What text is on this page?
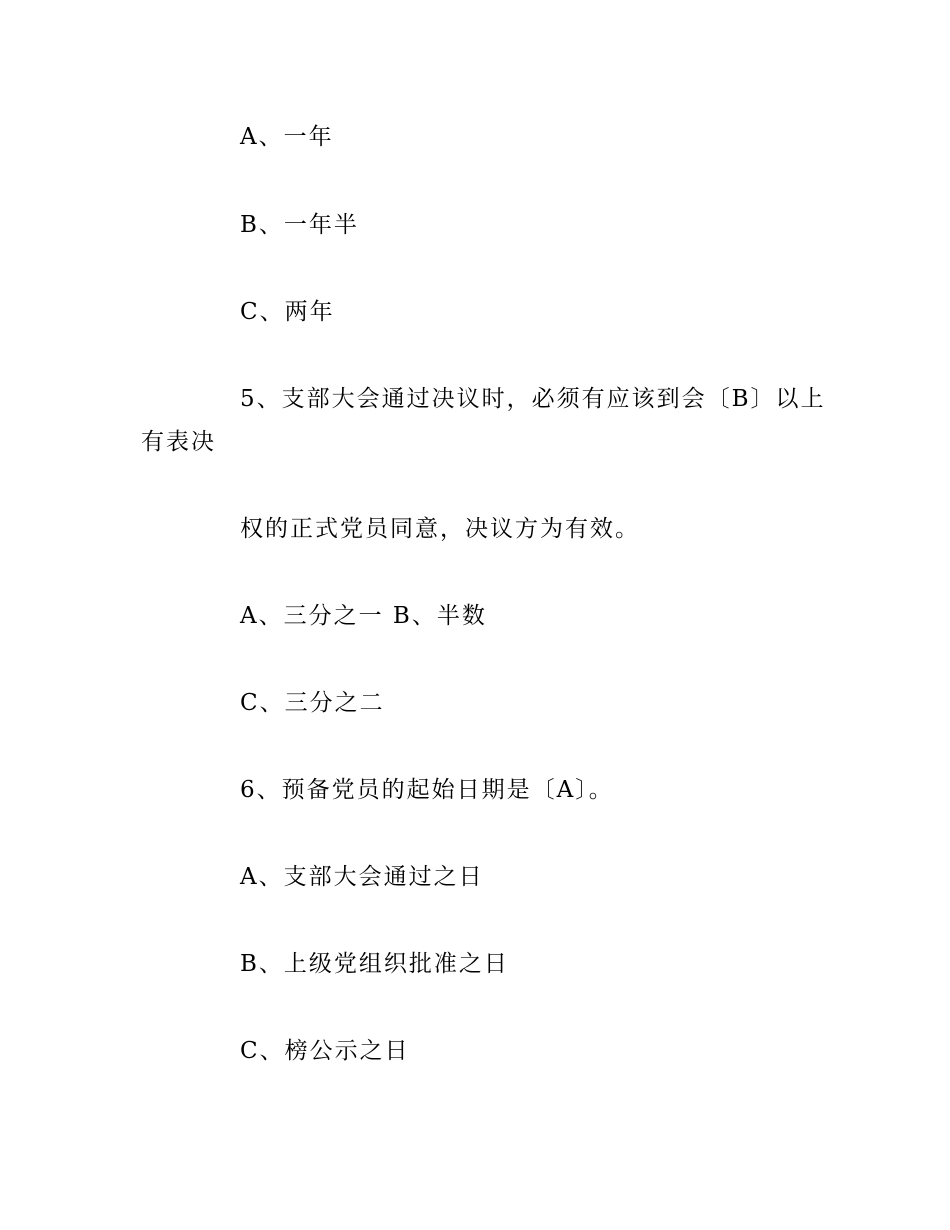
A、一年
B、一年半
C、两年
5、支部大会通过决议时，必须有应该到会〔B〕以上
有表决
权的正式党员同意，决议方为有效。
A、三分之一 B、半数
C、三分之二
6、预备党员的起始日期是〔A〕。
A、支部大会通过之日
B、上级党组织批准之日
C、榜公示之日
